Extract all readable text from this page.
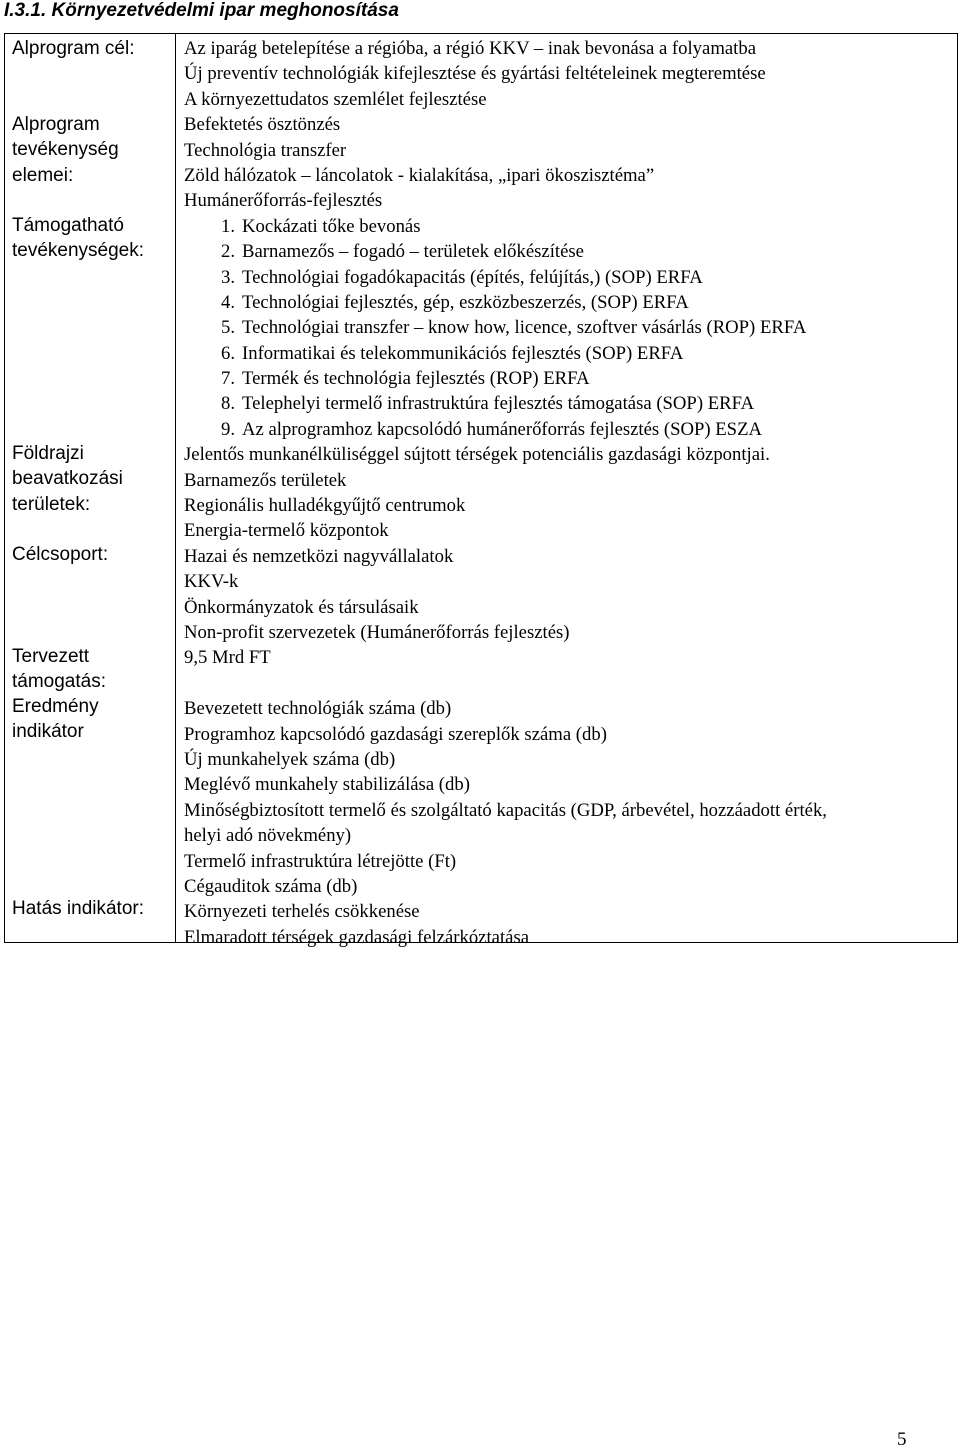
I.3.1. Környezetvédelmi ipar meghonosítása
Alprogram cél:
Alprogram
tevékenység
elemei:
Támogatható
tevékenységek:
Földrajzi
beavatkozási
területek:
Célcsoport:
Tervezett
támogatás:
Eredmény
indikátor
Hatás indikátor:
Az iparág betelepítése a régióba, a régió KKV – inak bevonása a folyamatba
Új preventív technológiák kifejlesztése és gyártási feltételeinek megteremtése
A környezettudatos szemlélet fejlesztése
Befektetés ösztönzés
Technológia transzfer
Zöld hálózatok – láncolatok - kialakítása, „ipari ökoszisztéma”
Humánerőforrás-fejlesztés
1. Kockázati tőke bevonás
2. Barnamezős – fogadó – területek előkészítése
3. Technológiai fogadókapacitás (építés, felújítás,) (SOP) ERFA
4. Technológiai fejlesztés, gép, eszközbeszerzés, (SOP) ERFA
5. Technológiai transzfer – know how, licence, szoftver vásárlás (ROP) ERFA
6. Informatikai és telekommunikációs fejlesztés (SOP) ERFA
7. Termék és technológia fejlesztés (ROP) ERFA
8. Telephelyi termelő infrastruktúra fejlesztés támogatása (SOP) ERFA
9. Az alprogramhoz kapcsolódó humánerőforrás fejlesztés (SOP) ESZA
Jelentős munkanélküliséggel sújtott térségek potenciális gazdasági központjai.
Barnamezős területek
Regionális hulladékgyűjtő centrumok
Energia-termelő központok
Hazai és nemzetközi nagyvállalatok
KKV-k
Önkormányzatok és társulásaik
Non-profit szervezetek (Humánerőforrás fejlesztés)
9,5 Mrd FT
Bevezetett technológiák száma (db)
Programhoz kapcsolódó gazdasági szereplők száma (db)
Új munkahelyek száma (db)
Meglévő munkahely stabilizálása (db)
Minőségbiztosított termelő és szolgáltató kapacitás (GDP, árbevétel, hozzáadott érték,
helyi adó növekmény)
Termelő infrastruktúra létrejötte (Ft)
Cégauditok száma (db)
Környezeti terhelés csökkenése
Elmaradott térségek gazdasági felzárkóztatása
5
